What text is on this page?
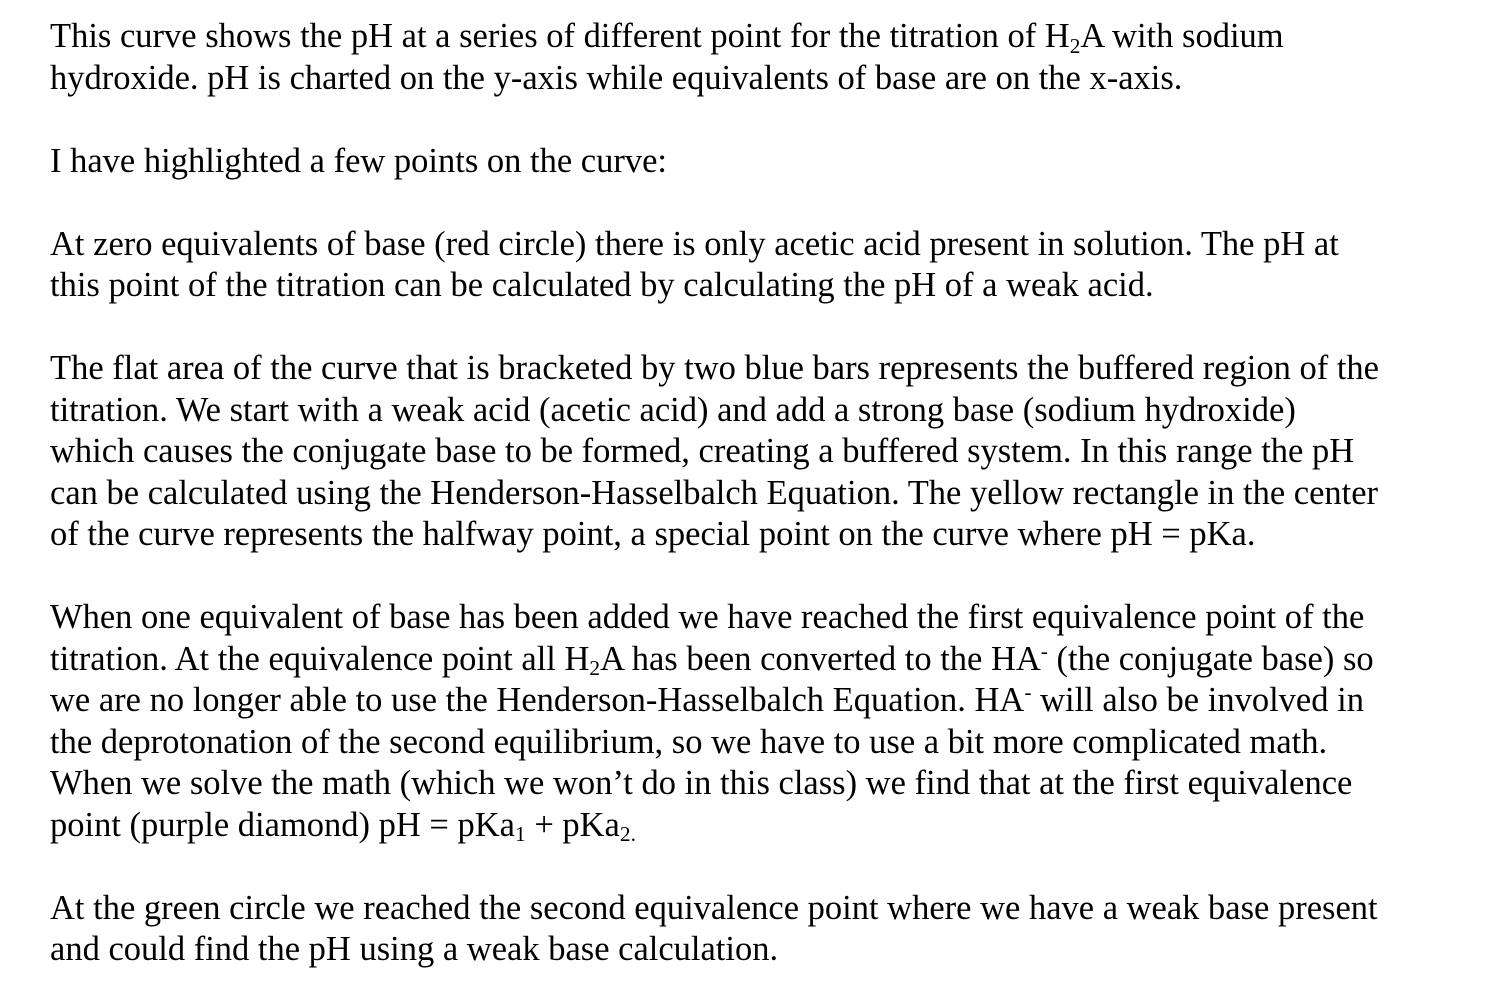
This curve shows the pH at a series of different point for the titration of $H_2A$ with sodium
hydroxide. pH is charted on the y-axis while equivalents of base are on the x-axis.

I have highlighted a few points on the curve:

At zero equivalents of base (red circle) there is only acetic acid present in solution. The pH at
this point of the titration can be calculated by calculating the pH of a weak acid.

The flat area of the curve that is bracketed by two blue bars represents the buffered region of the
titration. We start with a weak acid (acetic acid) and add a strong base (sodium hydroxide)
which causes the conjugate base to be formed, creating a buffered system. In this range the pH
can be calculated using the Henderson-Hasselbalch Equation. The yellow rectangle in the center
of the curve represents the halfway point, a special point on the curve where pH = pKa.

When one equivalent of base has been added we have reached the first equivalence point of the
titration. At the equivalence point all $H_2A$ has been converted to the HA- (the conjugate base) so
we are no longer able to use the Henderson-Hasselbalch Equation. HA- will also be involved in
the deprotonation of the second equilibrium, so we have to use a bit more complicated math.
When we solve the math (which we won’t do in this class) we find that at the first equivalence
point (purple diamond) pH = pKa$_1$ + pKa$_{2.}$

At the green circle we reached the second equivalence point where we have a weak base present
and could find the pH using a weak base calculation.
